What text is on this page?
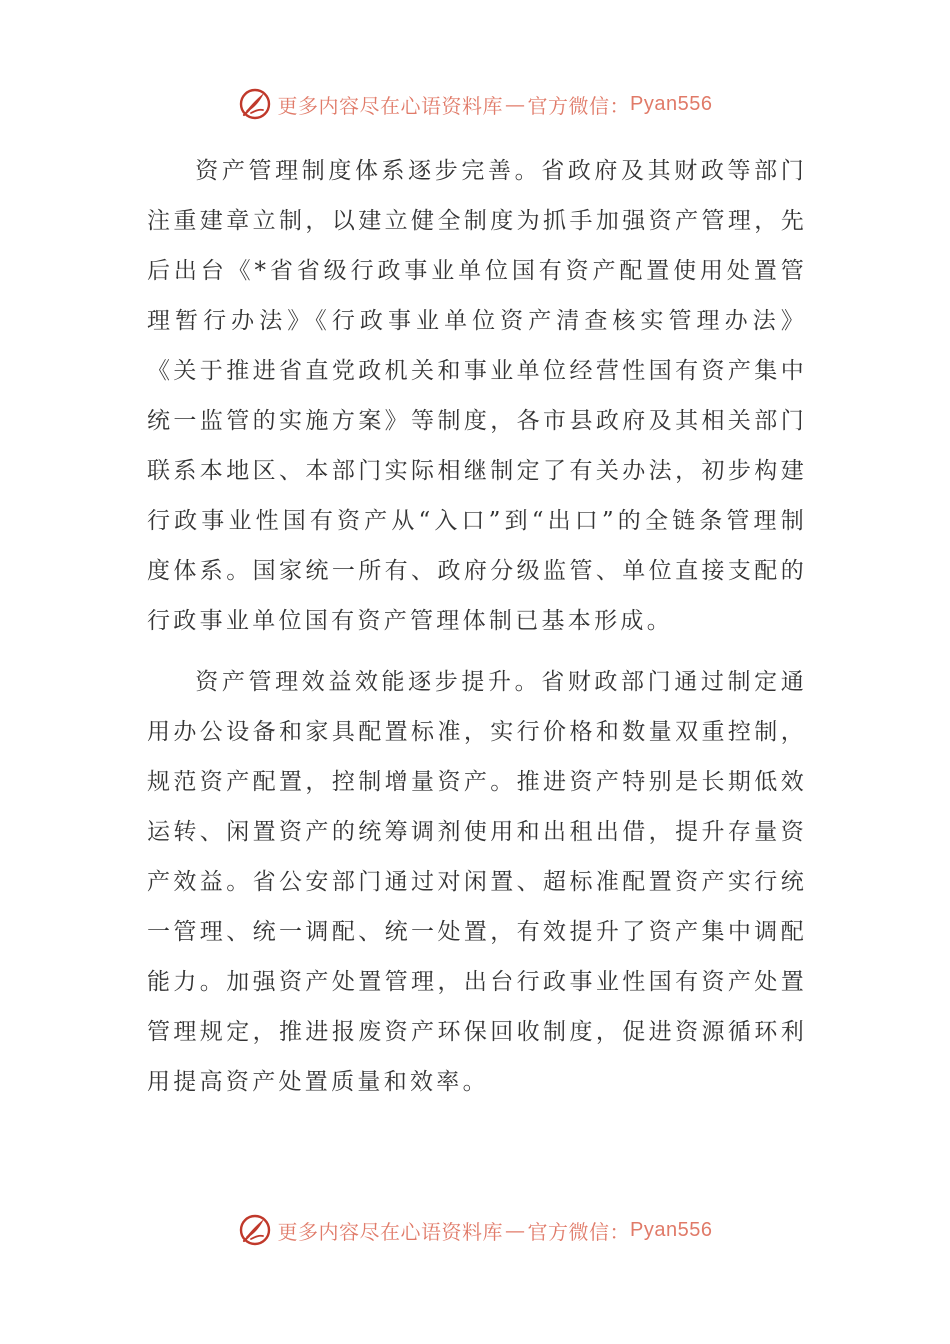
更多内容尽在心语资料库 — 官方微信： Pyan556

资产管理制度体系逐步完善。省政府及其财政等部门注重建章立制，以建立健全制度为抓手加强资产管理，先后出台《*省省级行政事业单位国有资产配置使用处置管理暂行办法》《行政事业单位资产清查核实管理办法》《关于推进省直党政机关和事业单位经营性国有资产集中统一监管的实施方案》等制度，各市县政府及其相关部门联系本地区、本部门实际相继制定了有关办法，初步构建行政事业性国有资产从“入口”到“出口”的全链条管理制度体系。国家统一所有、政府分级监管、单位直接支配的行政事业单位国有资产管理体制已基本形成。

资产管理效益效能逐步提升。省财政部门通过制定通用办公设备和家具配置标准，实行价格和数量双重控制，规范资产配置，控制增量资产。推进资产特别是长期低效运转、闲置资产的统筹调剂使用和出租出借，提升存量资产效益。省公安部门通过对闲置、超标准配置资产实行统一管理、统一调配、统一处置，有效提升了资产集中调配能力。加强资产处置管理，出台行政事业性国有资产处置管理规定，推进报废资产环保回收制度，促进资源循环利用提高资产处置质量和效率。

更多内容尽在心语资料库 — 官方微信： Pyan556
